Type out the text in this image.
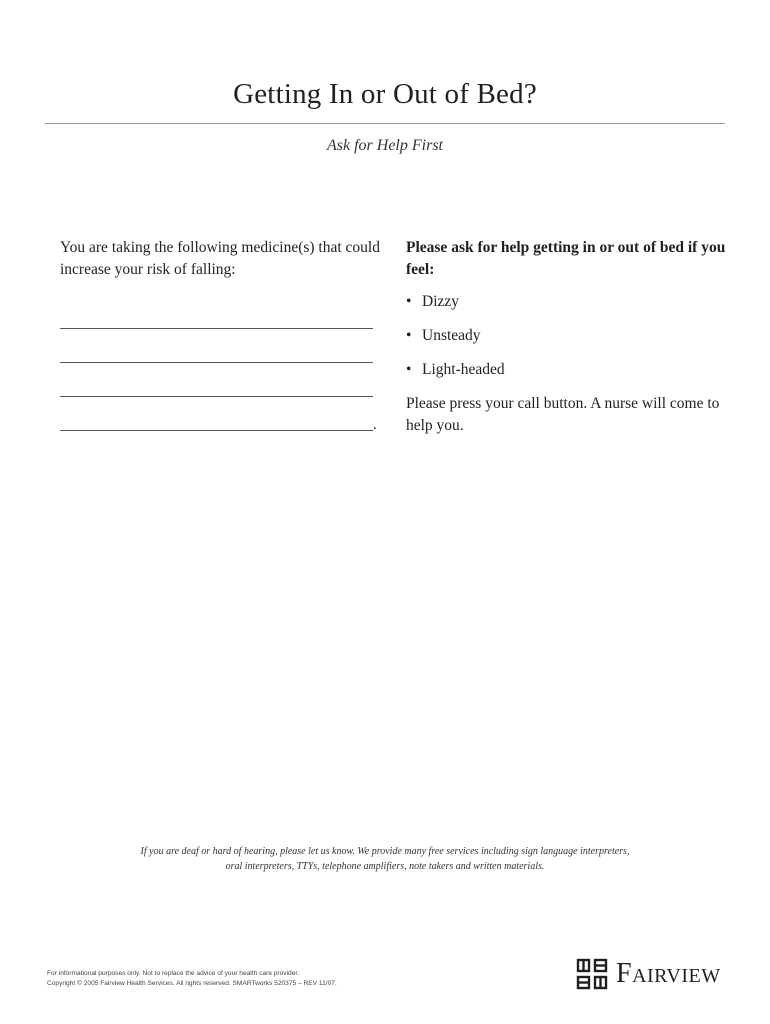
Getting In or Out of Bed?
Ask for Help First

You are taking the following medicine(s) that could increase your risk of falling:

.

Please ask for help getting in or out of bed if you feel:

• Dizzy
• Unsteady
• Light-headed

Please press your call button. A nurse will come to help you.

If you are deaf or hard of hearing, please let us know. We provide many free services including sign language interpreters,
oral interpreters, TTYs, telephone amplifiers, note takers and written materials.
For informational purposes only. Not to replace the advice of your health care provider.
Copyright © 2005 Fairview Health Services. All rights reserved. SMARTworks 520375 – REV 11/07.	Fairview
